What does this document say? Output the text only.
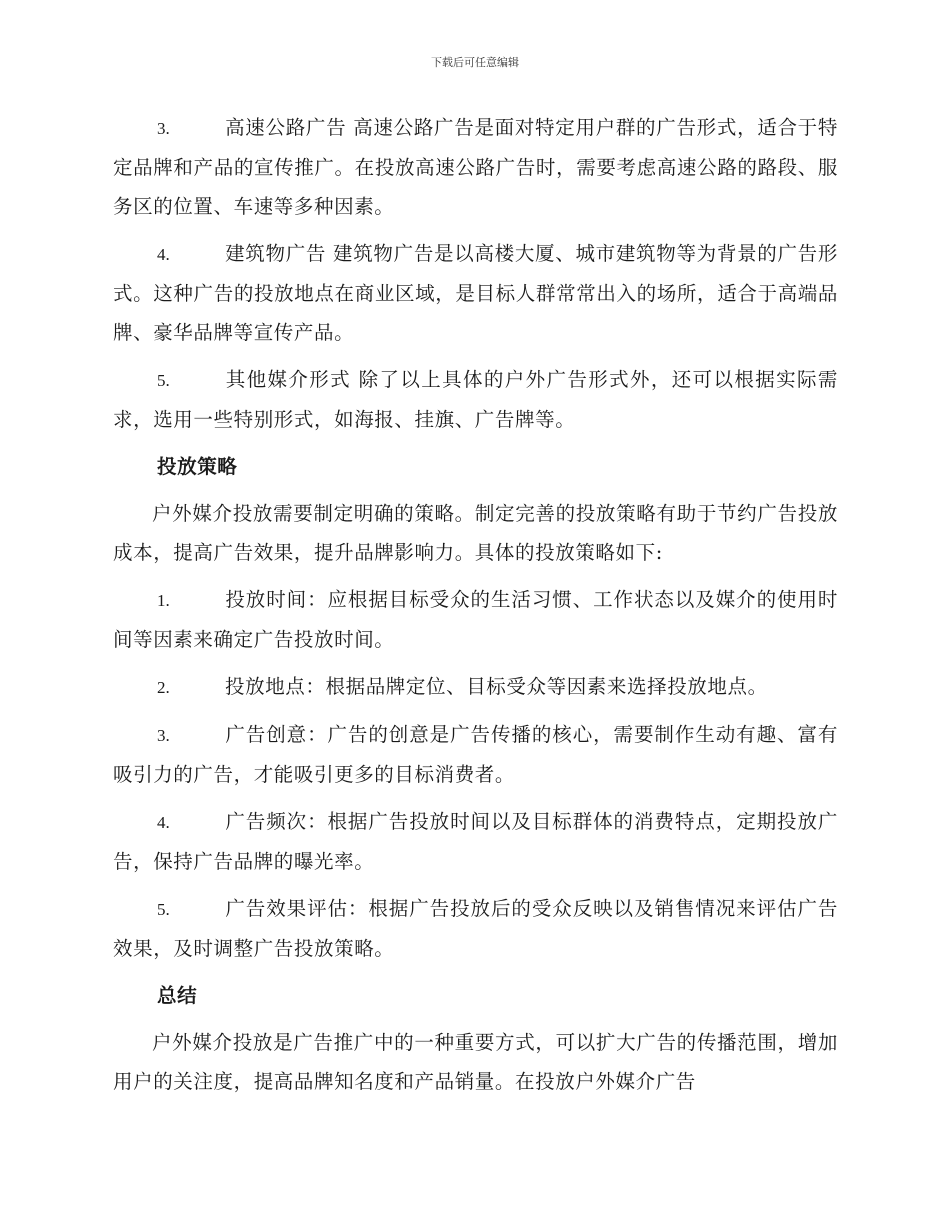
下载后可任意编辑

3.	高速公路广告 高速公路广告是面对特定用户群的广告形式，适合于特定品牌和产品的宣传推广。在投放高速公路广告时，需要考虑高速公路的路段、服务区的位置、车速等多种因素。

4.	建筑物广告 建筑物广告是以高楼大厦、城市建筑物等为背景的广告形式。这种广告的投放地点在商业区域，是目标人群常常出入的场所，适合于高端品牌、豪华品牌等宣传产品。

5.	其他媒介形式 除了以上具体的户外广告形式外，还可以根据实际需求，选用一些特别形式，如海报、挂旗、广告牌等。

投放策略

户外媒介投放需要制定明确的策略。制定完善的投放策略有助于节约广告投放成本，提高广告效果，提升品牌影响力。具体的投放策略如下:

1.	投放时间：应根据目标受众的生活习惯、工作状态以及媒介的使用时间等因素来确定广告投放时间。

2.	投放地点：根据品牌定位、目标受众等因素来选择投放地点。

3.	广告创意：广告的创意是广告传播的核心，需要制作生动有趣、富有吸引力的广告，才能吸引更多的目标消费者。

4.	广告频次：根据广告投放时间以及目标群体的消费特点，定期投放广告，保持广告品牌的曝光率。

5.	广告效果评估：根据广告投放后的受众反映以及销售情况来评估广告效果，及时调整广告投放策略。

总结

户外媒介投放是广告推广中的一种重要方式，可以扩大广告的传播范围，增加用户的关注度，提高品牌知名度和产品销量。在投放户外媒介广告
